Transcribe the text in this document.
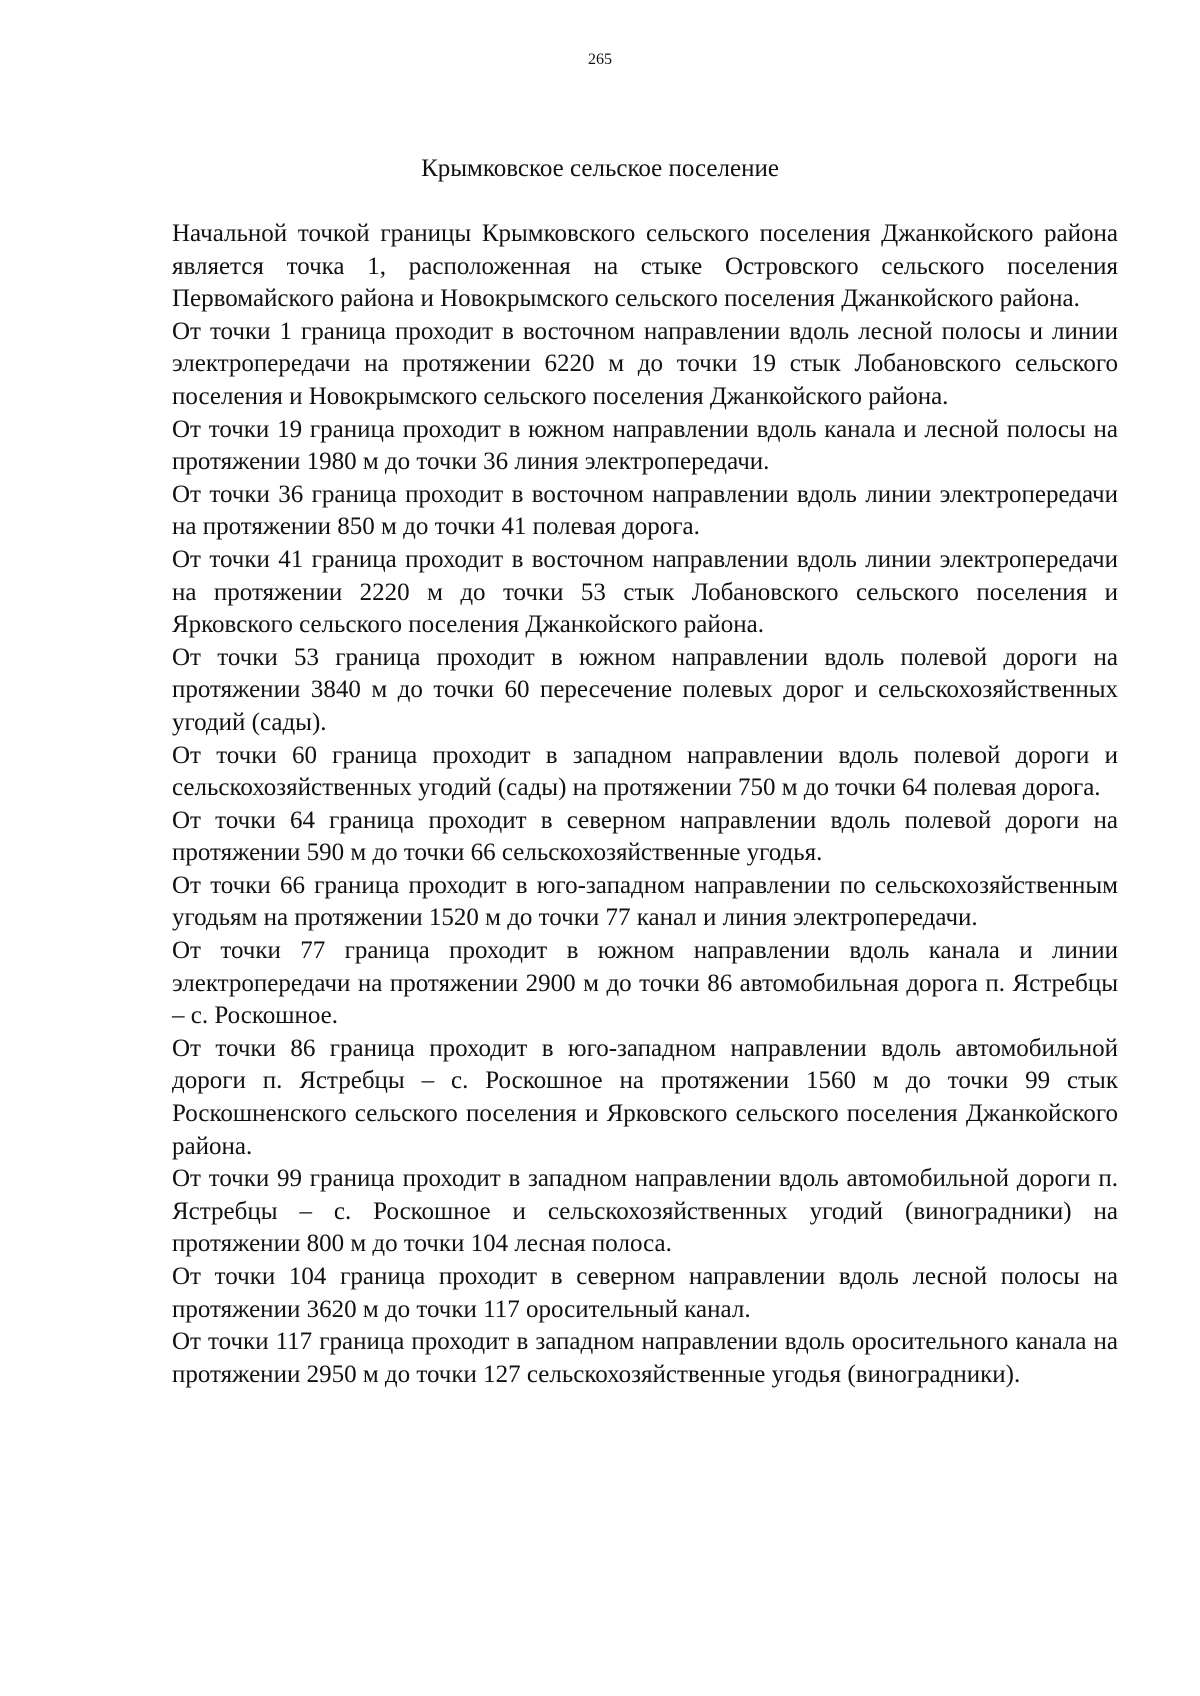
265
Крымковское сельское поселение

Начальной точкой границы Крымковского сельского поселения Джанкойского района является точка 1, расположенная на стыке Островского сельского поселения Первомайского района и Новокрымского сельского поселения Джанкойского района.

От точки 1 граница проходит в восточном направлении вдоль лесной полосы и линии электропередачи на протяжении 6220 м до точки 19 стык Лобановского сельского поселения и Новокрымского сельского поселения Джанкойского района.

От точки 19 граница проходит в южном направлении вдоль канала и лесной полосы на протяжении 1980 м до точки 36 линия электропередачи.

От точки 36 граница проходит в восточном направлении вдоль линии электропередачи на протяжении 850 м до точки 41 полевая дорога.

От точки 41 граница проходит в восточном направлении вдоль линии электропередачи на протяжении 2220 м до точки 53 стык Лобановского сельского поселения и Ярковского сельского поселения Джанкойского района.

От точки 53 граница проходит в южном направлении вдоль полевой дороги на протяжении 3840 м до точки 60 пересечение полевых дорог и сельскохозяйственных угодий (сады).

От точки 60 граница проходит в западном направлении вдоль полевой дороги и сельскохозяйственных угодий (сады) на протяжении 750 м до точки 64 полевая дорога.

От точки 64 граница проходит в северном направлении вдоль полевой дороги на протяжении 590 м до точки 66 сельскохозяйственные угодья.

От точки 66 граница проходит в юго-западном направлении по сельскохозяйственным угодьям на протяжении 1520 м до точки 77 канал и линия электропередачи.

От точки 77 граница проходит в южном направлении вдоль канала и линии электропередачи на протяжении 2900 м до точки 86 автомобильная дорога п. Ястребцы – с. Роскошное.

От точки 86 граница проходит в юго-западном направлении вдоль автомобильной дороги п. Ястребцы – с. Роскошное на протяжении 1560 м до точки 99 стык Роскошненского сельского поселения и Ярковского сельского поселения Джанкойского района.

От точки 99 граница проходит в западном направлении вдоль автомобильной дороги п. Ястребцы – с. Роскошное и сельскохозяйственных угодий (виноградники) на протяжении 800 м до точки 104 лесная полоса.

От точки 104 граница проходит в северном направлении вдоль лесной полосы на протяжении 3620 м до точки 117 оросительный канал.

От точки 117 граница проходит в западном направлении вдоль оросительного канала на протяжении 2950 м до точки 127 сельскохозяйственные угодья (виноградники).
